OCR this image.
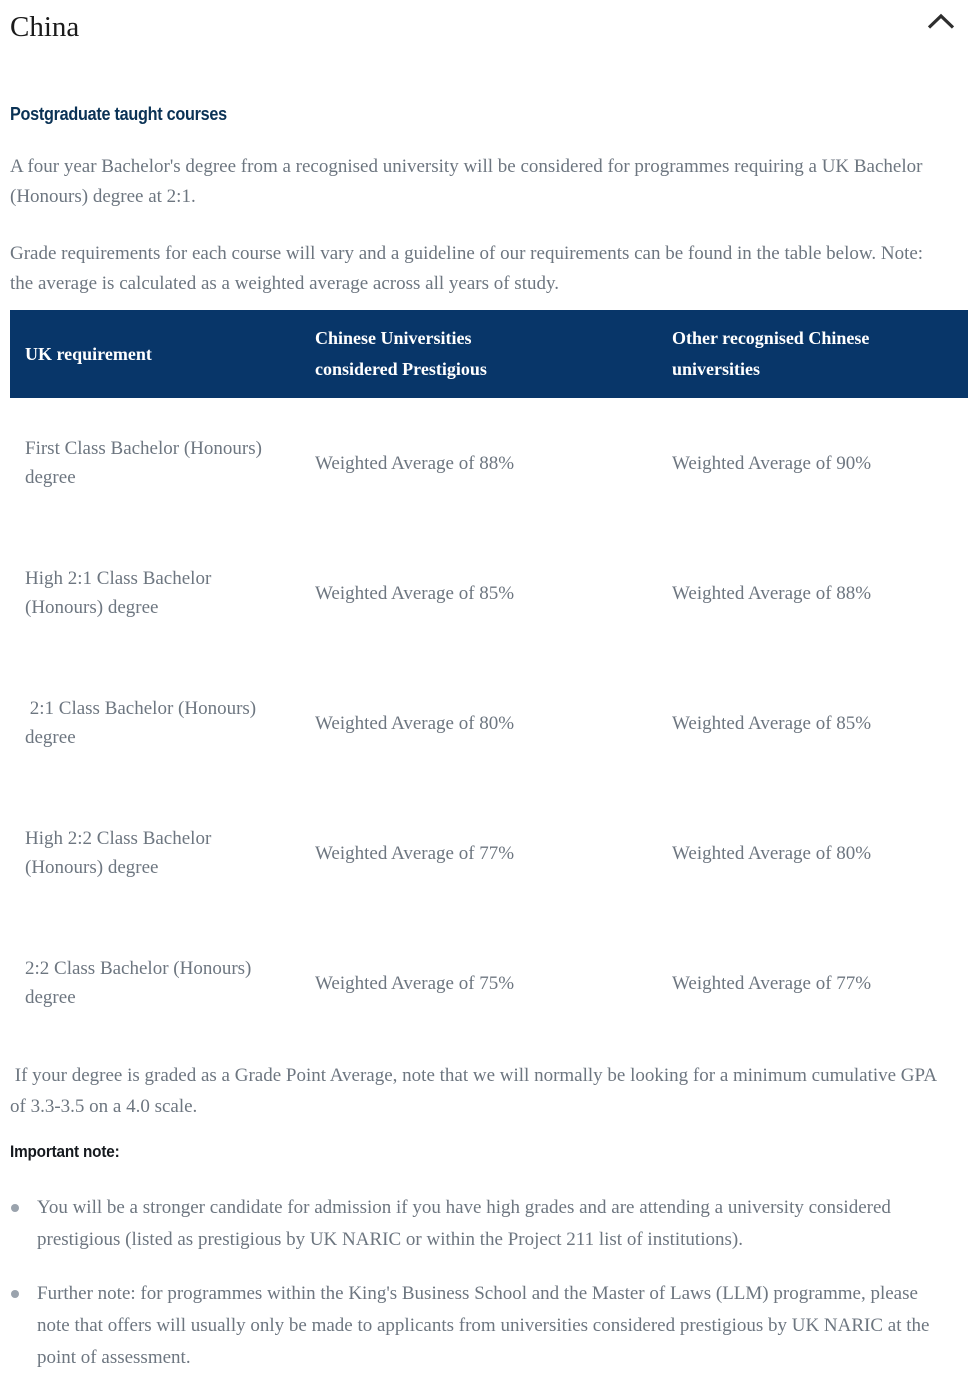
China
Postgraduate taught courses

A four year Bachelor's degree from a recognised university will be considered for programmes requiring a UK Bachelor (Honours) degree at 2:1.

Grade requirements for each course will vary and a guideline of our requirements can be found in the table below. Note: the average is calculated as a weighted average across all years of study.

UK requirement	Chinese Universities considered Prestigious	Other recognised Chinese universities
First Class Bachelor (Honours) degree	Weighted Average of 88%	Weighted Average of 90%
High 2:1 Class Bachelor (Honours) degree	Weighted Average of 85%	Weighted Average of 88%
2:1 Class Bachelor (Honours) degree	Weighted Average of 80%	Weighted Average of 85%
High 2:2 Class Bachelor (Honours) degree	Weighted Average of 77%	Weighted Average of 80%
2:2 Class Bachelor (Honours) degree	Weighted Average of 75%	Weighted Average of 77%

If your degree is graded as a Grade Point Average, note that we will normally be looking for a minimum cumulative GPA of 3.3-3.5 on a 4.0 scale.

Important note:
You will be a stronger candidate for admission if you have high grades and are attending a university considered prestigious (listed as prestigious by UK NARIC or within the Project 211 list of institutions).
Further note: for programmes within the King's Business School and the Master of Laws (LLM) programme, please note that offers will usually only be made to applicants from universities considered prestigious by UK NARIC at the point of assessment.
